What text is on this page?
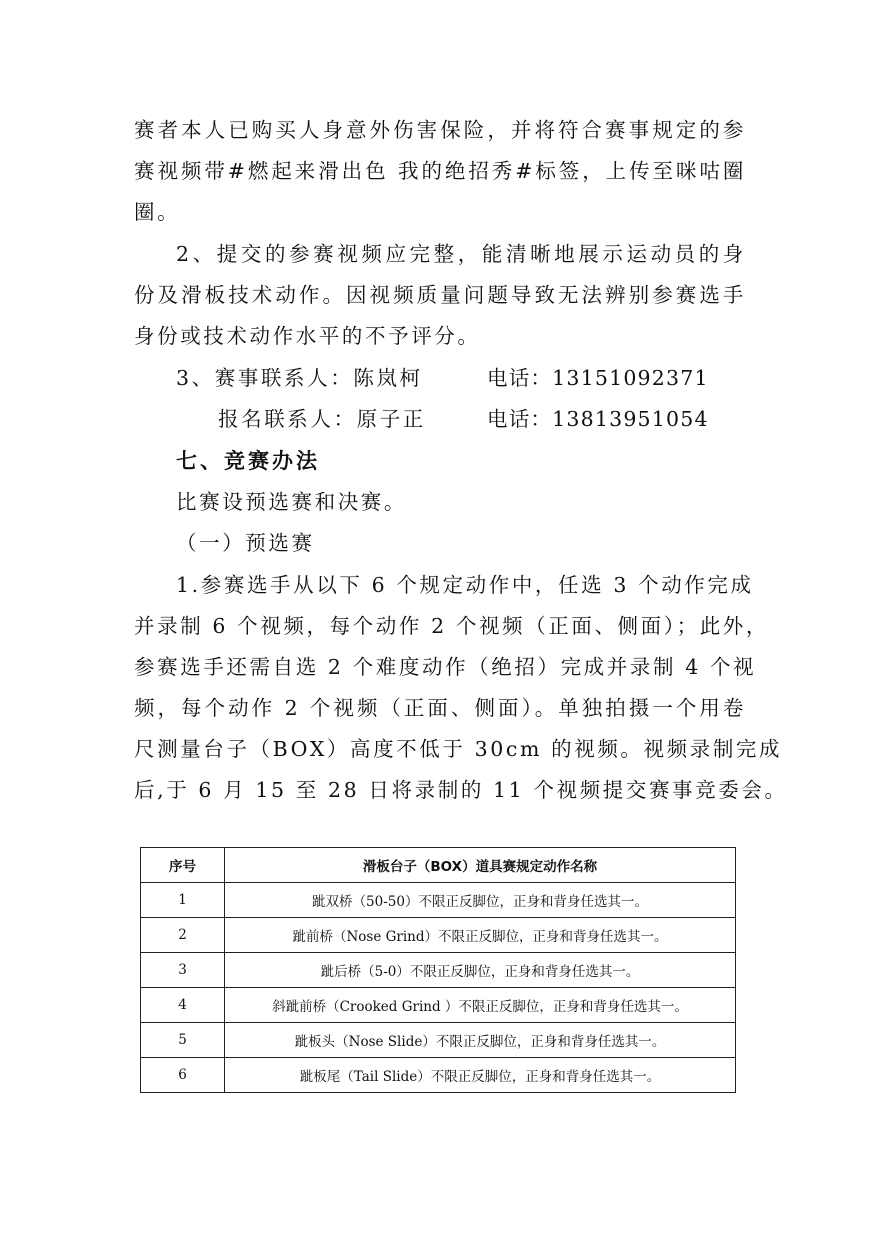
赛者本人已购买人身意外伤害保险，并将符合赛事规定的参
赛视频带#燃起来滑出色 我的绝招秀#标签，上传至咪咕圈
圈。
2、提交的参赛视频应完整，能清晰地展示运动员的身
份及滑板技术动作。因视频质量问题导致无法辨别参赛选手
身份或技术动作水平的不予评分。
3、赛事联系人：陈岚柯	电话：13151092371
报名联系人：原子正	电话：13813951054
七、竞赛办法
比赛设预选赛和决赛。
（一）预选赛
1.参赛选手从以下 6 个规定动作中，任选 3 个动作完成
并录制 6 个视频，每个动作 2 个视频（正面、侧面）；此外，
参赛选手还需自选 2 个难度动作（绝招）完成并录制 4 个视
频，每个动作 2 个视频（正面、侧面）。单独拍摄一个用卷
尺测量台子（BOX）高度不低于 30cm 的视频。视频录制完成
后,于 6 月 15 至 28 日将录制的 11 个视频提交赛事竞委会。
序号	滑板台子（BOX）道具赛规定动作名称
1	跐双桥（50-50）不限正反脚位，正身和背身任选其一。
2	跐前桥（Nose Grind）不限正反脚位，正身和背身任选其一。
3	跐后桥（5-0）不限正反脚位，正身和背身任选其一。
4	斜跐前桥（Crooked Grind ）不限正反脚位，正身和背身任选其一。
5	跐板头（Nose Slide）不限正反脚位，正身和背身任选其一。
6	跐板尾（Tail Slide）不限正反脚位，正身和背身任选其一。
